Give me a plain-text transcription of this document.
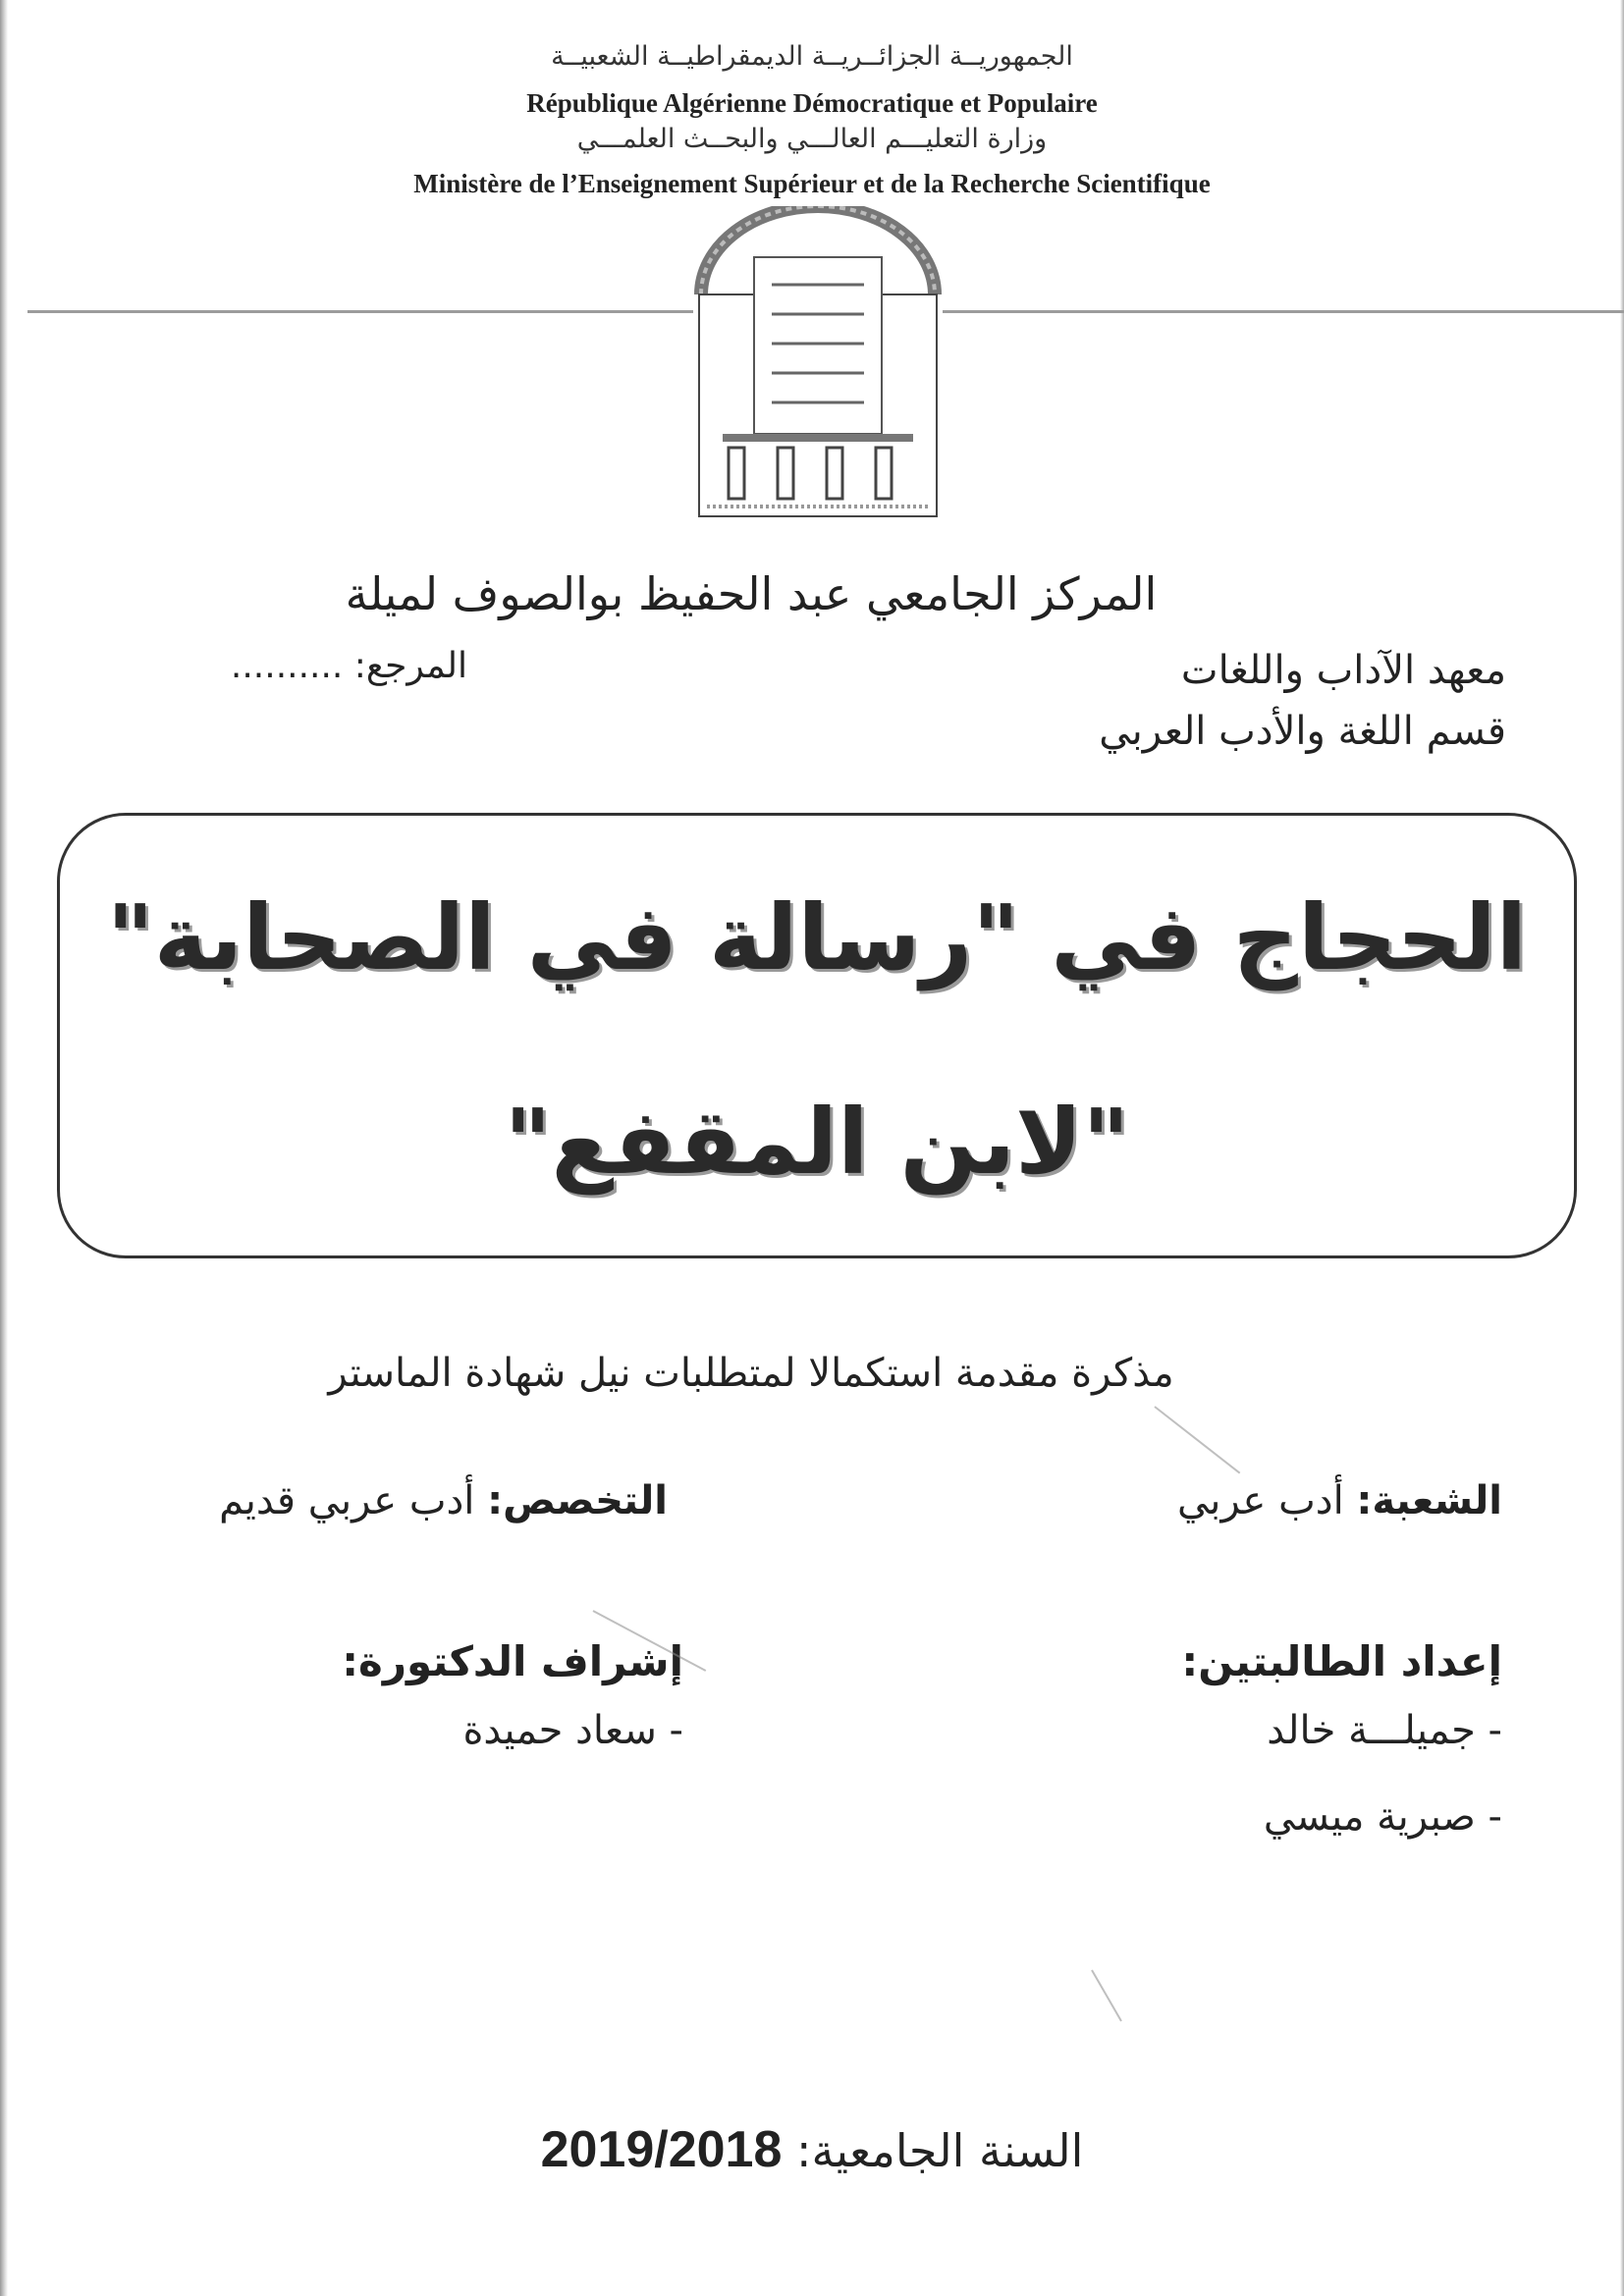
الجمهوريــة الجزائــريــة الديمقراطيــة الشعبيــة
République Algérienne Démocratique et Populaire
وزارة التعليـــم العالـــي والبحــث العلمـــي
Ministère de l’Enseignement Supérieur et de la Recherche Scientifique
المركز الجامعي عبد الحفيظ بوالصوف لميلة
معهد الآداب واللغات
المرجع: ..........
قسم اللغة والأدب العربي
الحجاج في "رسالة في الصحابة"
"لابن المقفع"
مذكرة مقدمة استكمالا لمتطلبات نيل شهادة الماستر
الشعبة: أدب عربي
التخصص: أدب عربي قديم
إعداد الطالبتين:
- جميلـــة خالد
- صبرية ميسي
إشراف الدكتورة:
- سعاد حميدة
السنة الجامعية: 2019/2018
